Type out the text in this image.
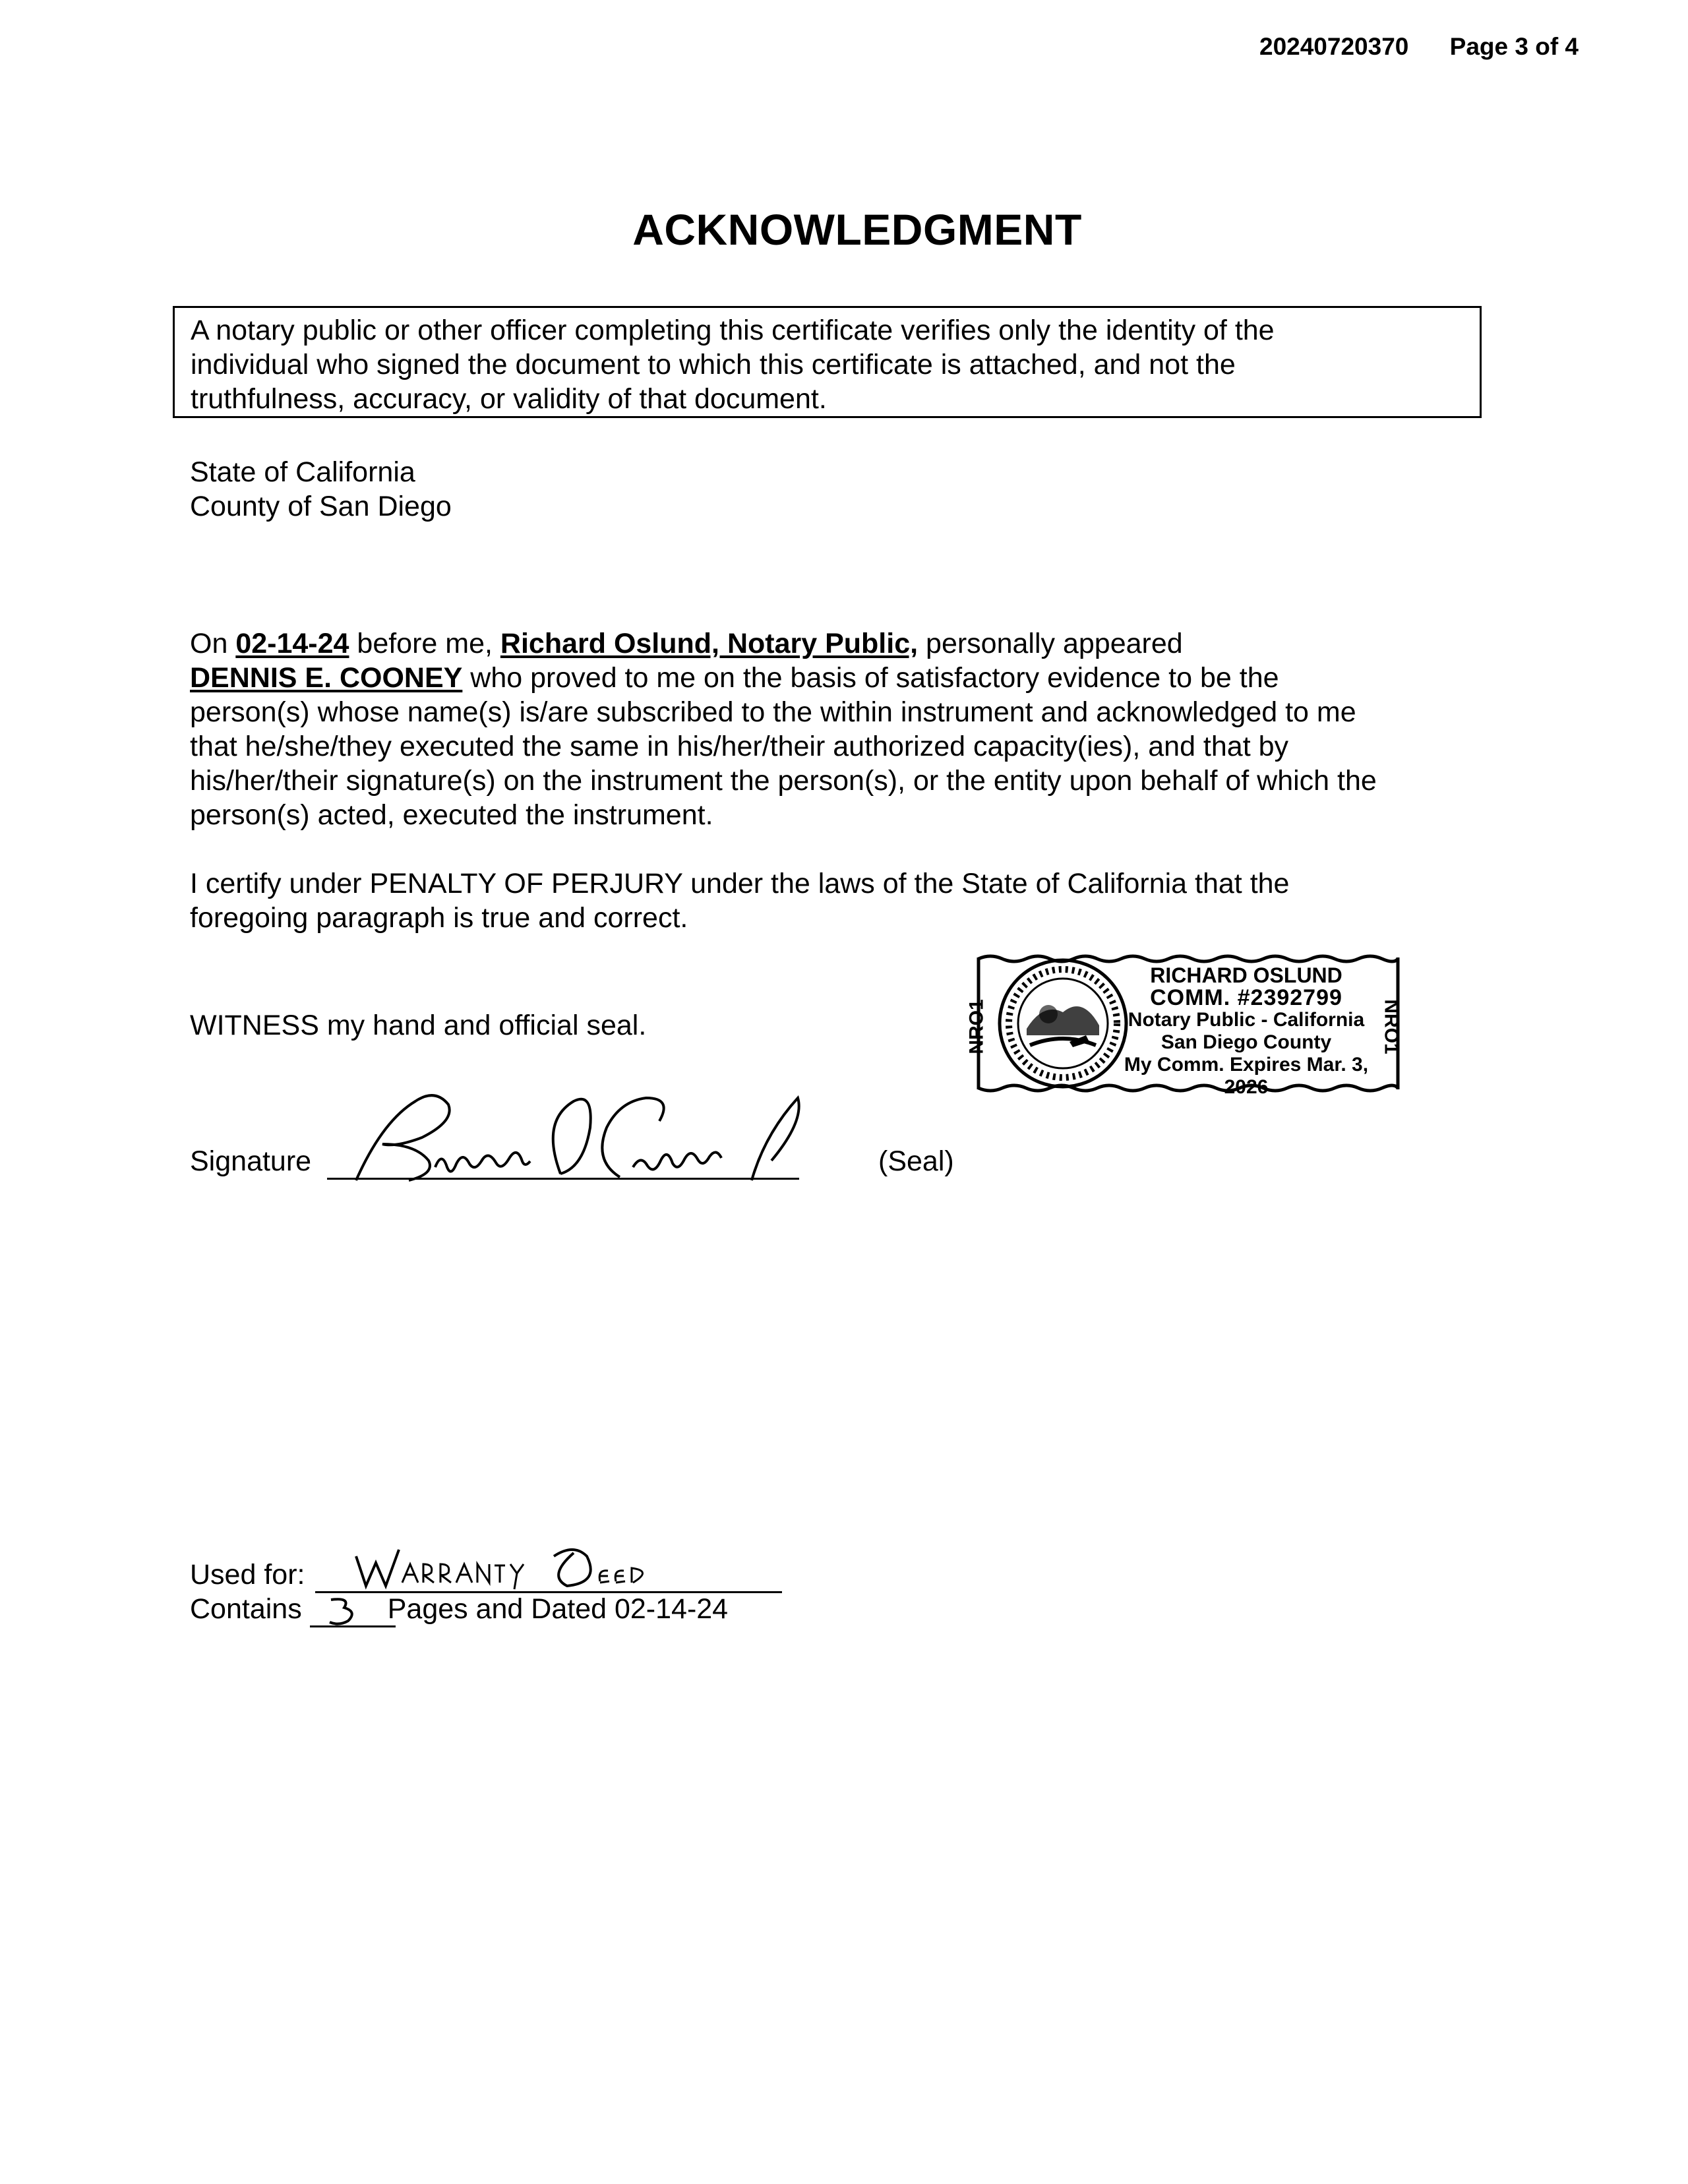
20240720370 Page 3 of 4
ACKNOWLEDGMENT
A notary public or other officer completing this certificate verifies only the identity of the
individual who signed the document to which this certificate is attached, and not the
truthfulness, accuracy, or validity of that document.
State of California
County of San Diego
On 02-14-24 before me, Richard Oslund, Notary Public, personally appeared
DENNIS E. COONEY who proved to me on the basis of satisfactory evidence to be the
person(s) whose name(s) is/are subscribed to the within instrument and acknowledged to me
that he/she/they executed the same in his/her/their authorized capacity(ies), and that by
his/her/their signature(s) on the instrument the person(s), or the entity upon behalf of which the
person(s) acted, executed the instrument.
I certify under PENALTY OF PERJURY under the laws of the State of California that the
foregoing paragraph is true and correct.
WITNESS my hand and official seal.
RICHARD OSLUND
COMM. #2392799
Notary Public - California
San Diego County
My Comm. Expires Mar. 3, 2026
NRO1	NRO1
Signature	(Seal)
Used for:
Contains	Pages and Dated 02-14-24
